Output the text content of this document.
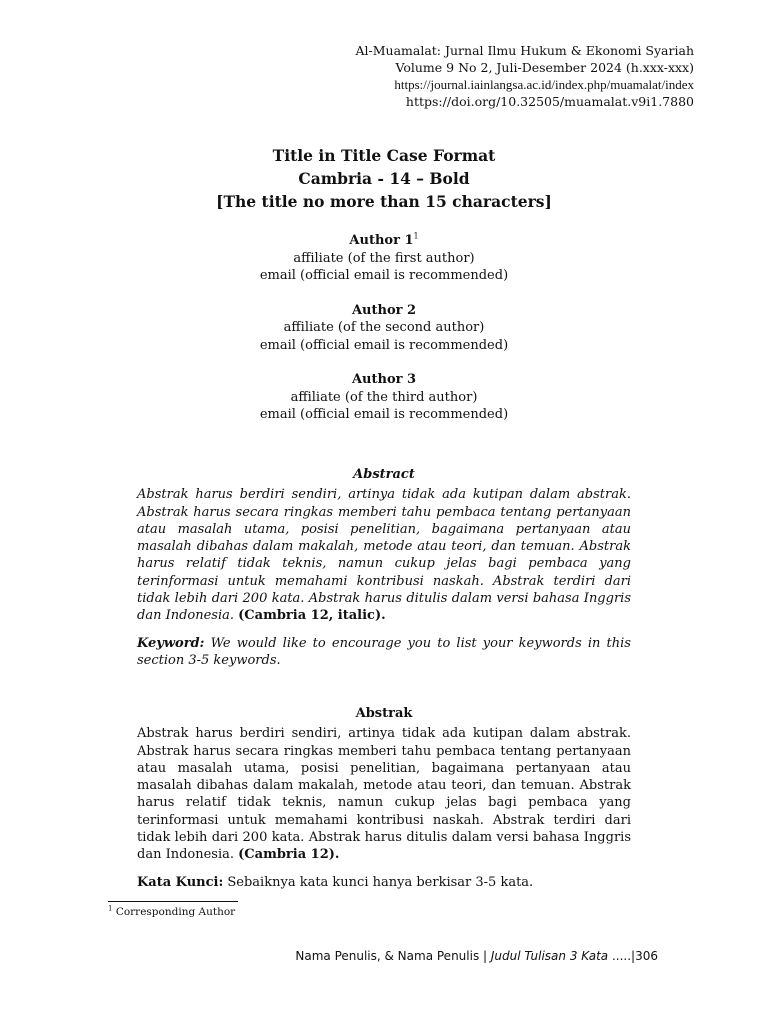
Al-Muamalat: Jurnal Ilmu Hukum & Ekonomi Syariah
Volume 9 No 2, Juli-Desember 2024 (h.xxx-xxx)
https://journal.iainlangsa.ac.id/index.php/muamalat/index
https://doi.org/10.32505/muamalat.v9i1.7880
Title in Title Case Format
Cambria - 14 – Bold
[The title no more than 15 characters]
Author $1^1$
affiliate (of the first author)
email (official email is recommended)
Author 2
affiliate (of the second author)
email (official email is recommended)
Author 3
affiliate (of the third author)
email (official email is recommended)
Abstract
Abstrak harus berdiri sendiri, artinya tidak ada kutipan dalam abstrak. Abstrak harus secara ringkas memberi tahu pembaca tentang pertanyaan atau masalah utama, posisi penelitian, bagaimana pertanyaan atau masalah dibahas dalam makalah, metode atau teori, dan temuan. Abstrak harus relatif tidak teknis, namun cukup jelas bagi pembaca yang terinformasi untuk memahami kontribusi naskah. Abstrak terdiri dari tidak lebih dari 200 kata. Abstrak harus ditulis dalam versi bahasa Inggris dan Indonesia. (Cambria 12, italic).
Keyword: We would like to encourage you to list your keywords in this section 3-5 keywords.
Abstrak
Abstrak harus berdiri sendiri, artinya tidak ada kutipan dalam abstrak. Abstrak harus secara ringkas memberi tahu pembaca tentang pertanyaan atau masalah utama, posisi penelitian, bagaimana pertanyaan atau masalah dibahas dalam makalah, metode atau teori, dan temuan. Abstrak harus relatif tidak teknis, namun cukup jelas bagi pembaca yang terinformasi untuk memahami kontribusi naskah. Abstrak terdiri dari tidak lebih dari 200 kata. Abstrak harus ditulis dalam versi bahasa Inggris dan Indonesia. (Cambria 12).
Kata Kunci: Sebaiknya kata kunci hanya berkisar 3-5 kata.
$^1$ Corresponding Author
Nama Penulis, & Nama Penulis | Judul Tulisan 3 Kata .....|306
